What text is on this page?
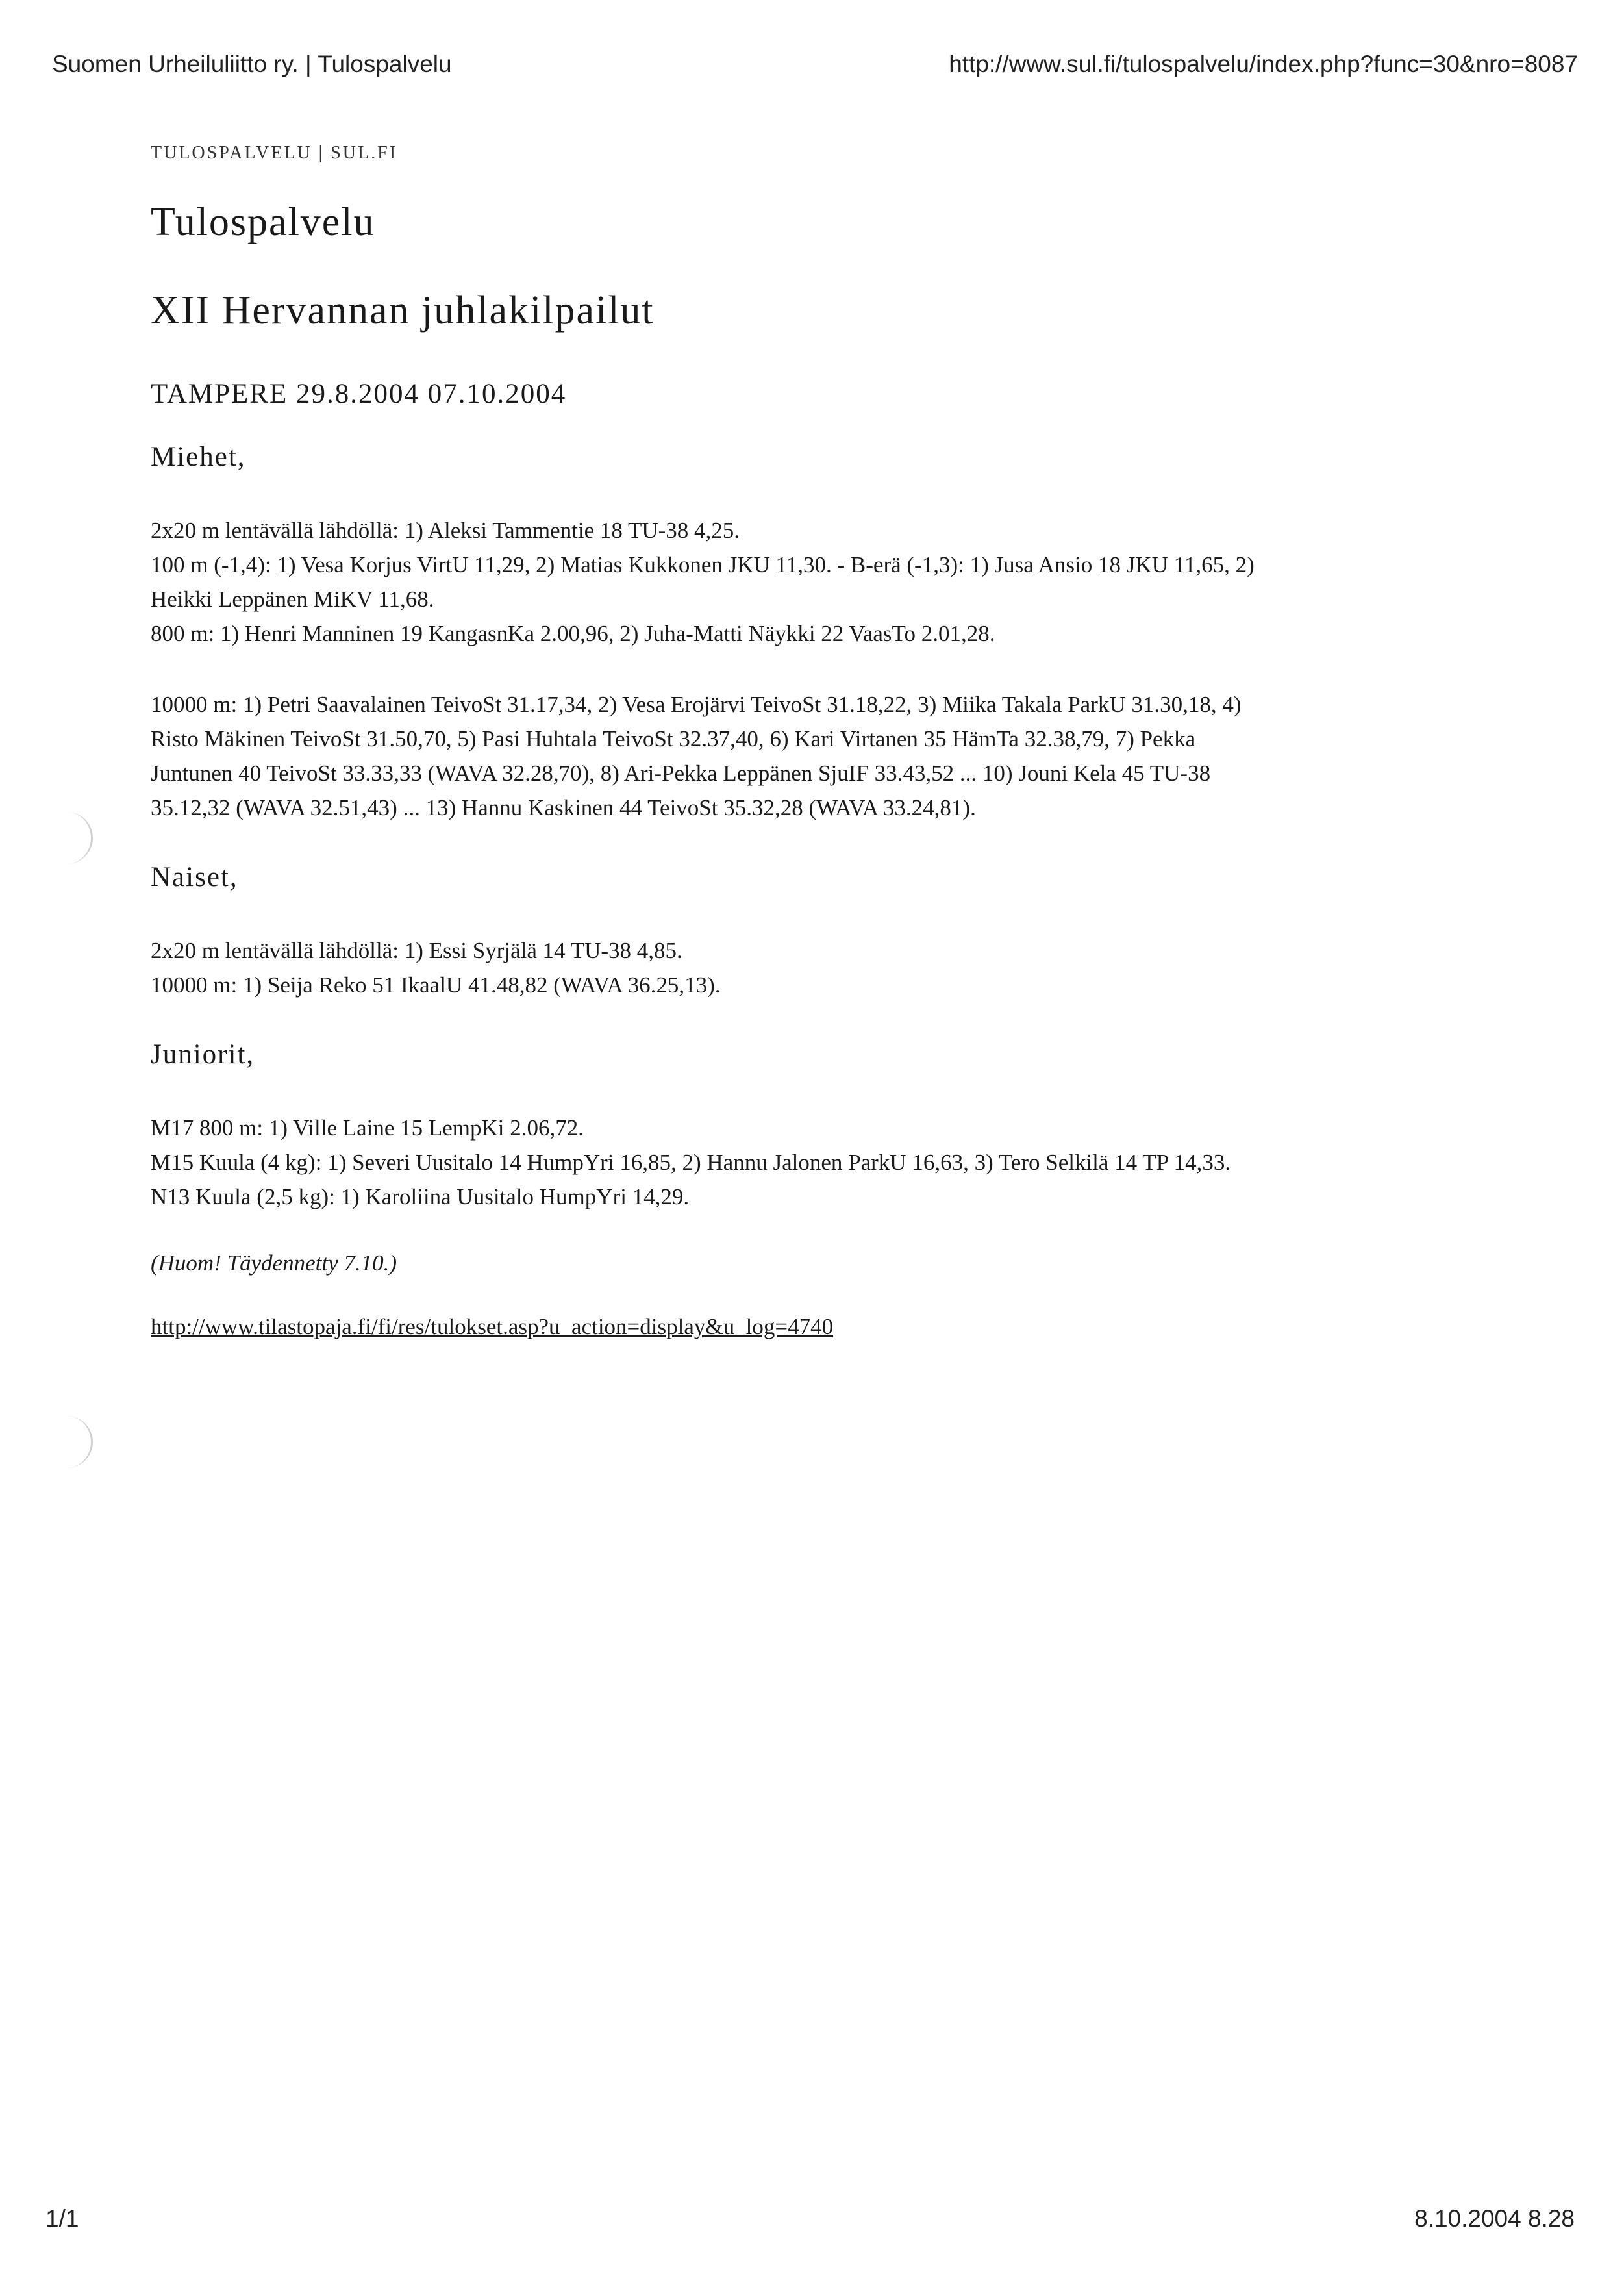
Suomen Urheiluliitto ry. | Tulospalvelu	http://www.sul.fi/tulospalvelu/index.php?func=30&nro=8087
TULOSPALVELU | SUL.FI
Tulospalvelu
XII Hervannan juhlakilpailut
TAMPERE 29.8.2004 07.10.2004
Miehet,
2x20 m lentävällä lähdöllä: 1) Aleksi Tammentie 18 TU-38 4,25.
100 m (-1,4): 1) Vesa Korjus VirtU 11,29, 2) Matias Kukkonen JKU 11,30. - B-erä (-1,3): 1) Jusa Ansio 18 JKU 11,65, 2)
Heikki Leppänen MiKV 11,68.
800 m: 1) Henri Manninen 19 KangasnKa 2.00,96, 2) Juha-Matti Näykki 22 VaasTo 2.01,28.
10000 m: 1) Petri Saavalainen TeivoSt 31.17,34, 2) Vesa Erojärvi TeivoSt 31.18,22, 3) Miika Takala ParkU 31.30,18, 4)
Risto Mäkinen TeivoSt 31.50,70, 5) Pasi Huhtala TeivoSt 32.37,40, 6) Kari Virtanen 35 HämTa 32.38,79, 7) Pekka
Juntunen 40 TeivoSt 33.33,33 (WAVA 32.28,70), 8) Ari-Pekka Leppänen SjuIF 33.43,52 ... 10) Jouni Kela 45 TU-38
35.12,32 (WAVA 32.51,43) ... 13) Hannu Kaskinen 44 TeivoSt 35.32,28 (WAVA 33.24,81).
Naiset,
2x20 m lentävällä lähdöllä: 1) Essi Syrjälä 14 TU-38 4,85.
10000 m: 1) Seija Reko 51 IkaalU 41.48,82 (WAVA 36.25,13).
Juniorit,
M17 800 m: 1) Ville Laine 15 LempKi 2.06,72.
M15 Kuula (4 kg): 1) Severi Uusitalo 14 HumpYri 16,85, 2) Hannu Jalonen ParkU 16,63, 3) Tero Selkilä 14 TP 14,33.
N13 Kuula (2,5 kg): 1) Karoliina Uusitalo HumpYri 14,29.
(Huom! Täydennetty 7.10.)
http://www.tilastopaja.fi/fi/res/tulokset.asp?u_action=display&u_log=4740
1/1	8.10.2004 8.28
